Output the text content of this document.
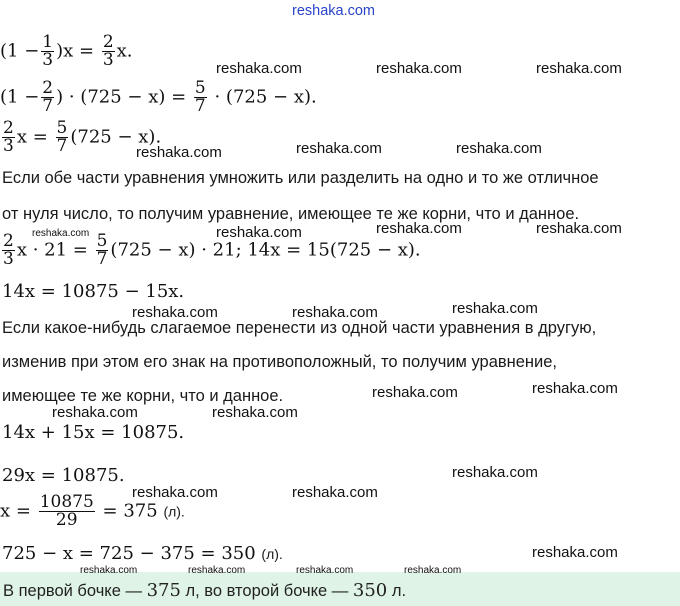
reshaka.com
$(1 - \frac{1}{3} )x = \frac{2}{3} x$.
($1 - \frac{2}{7}$ ) · $(725 - x) = \frac{5}{7} \cdot (725 - x)$.
$\frac{2}{3}$ $x = \frac{5}{7} (725 - x)$.
Если обе части уравнения умножить или разделить на одно и то же отличное
от нуля число, то получим уравнение, имеющее те же корни, что и данное.
$\frac{2}{3}$ $x \cdot 21 = \frac{5}{7} (725 - x) \cdot 21$; 14x = 15(725 − x).
14x = 10875 − 15x.
Если какое-нибудь слагаемое перенести из одной части уравнения в другую,
изменив при этом его знак на противоположный, то получим уравнение,
имеющее те же корни, что и данное.
14x + 15x = 10875.
29x = 10875.
$x = \frac{10875}{29} = 375$ (л).
725 − x = 725 − 375 = 350 (л).
В первой бочке — 375 л, во второй бочке — 350 л.
reshaka.com	reshaka.com	reshaka.com
reshaka.com	reshaka.com	reshaka.com
reshaka.com	reshaka.com	reshaka.com	reshaka.com
reshaka.com	reshaka.com	reshaka.com
reshaka.com	reshaka.com
reshaka.com	reshaka.com
reshaka.com
reshaka.com	reshaka.com
reshaka.com
reshaka.com	reshaka.com	reshaka.com	reshaka.com
